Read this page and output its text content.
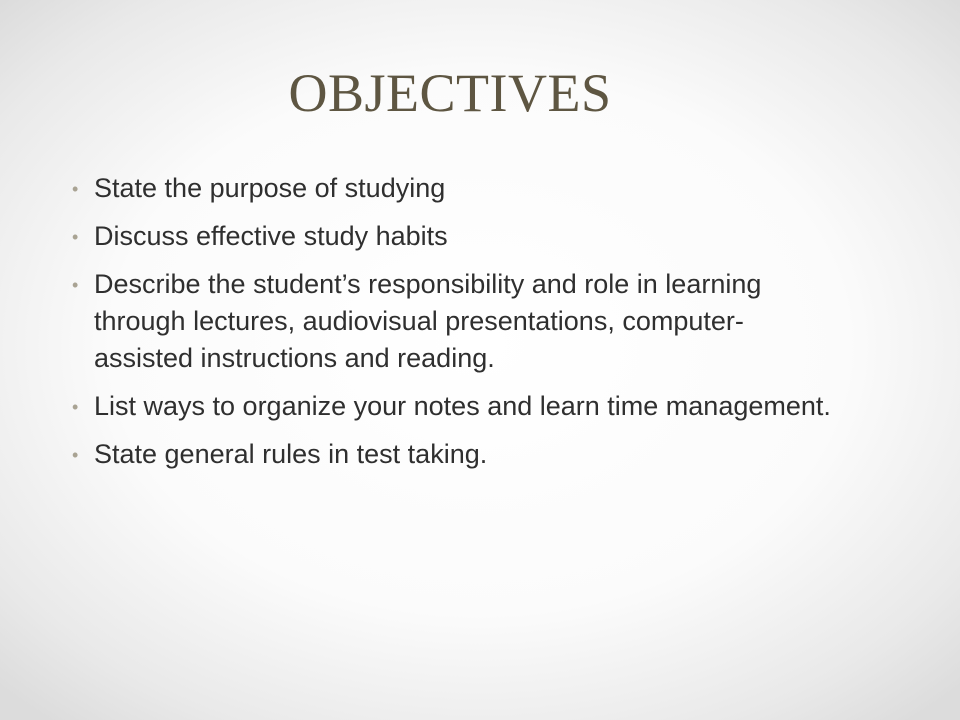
OBJECTIVES
• State the purpose of studying
• Discuss effective study habits
• Describe the student’s responsibility and role in learning through lectures, audiovisual presentations, computer-assisted instructions and reading.
• List ways to organize your notes and learn time management.
• State general rules in test taking.
